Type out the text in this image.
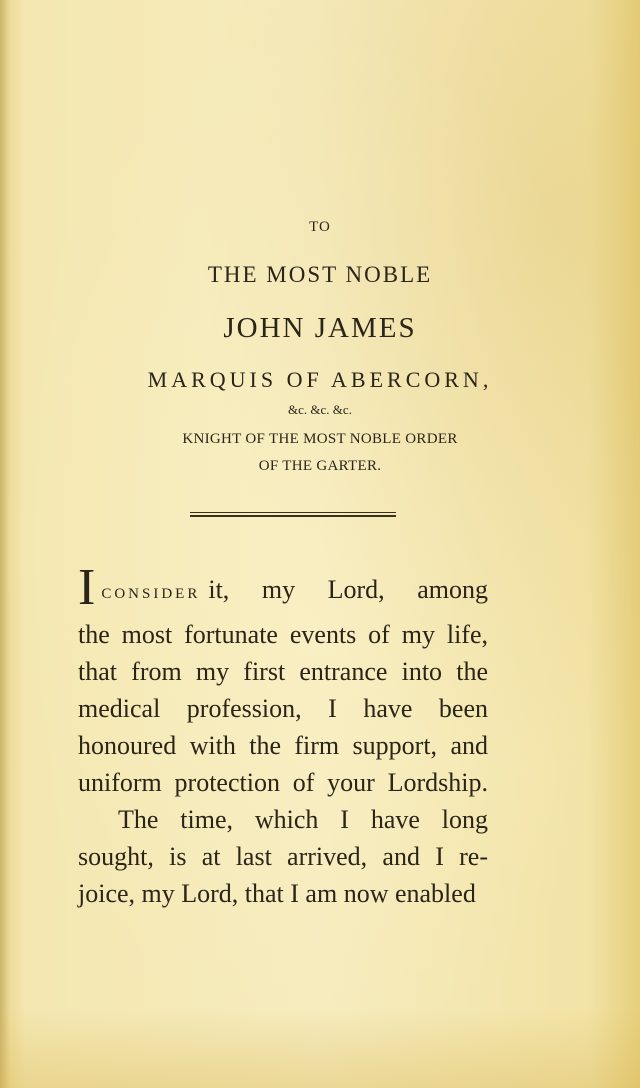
TO
THE MOST NOBLE
JOHN JAMES
MARQUIS OF ABERCORN,
&c. &c. &c.
KNIGHT OF THE MOST NOBLE ORDER
OF THE GARTER.
ICONSIDER it, my Lord, among
the most fortunate events of my life,
that from my first entrance into the
medical profession, I have been
honoured with the firm support, and
uniform protection of your Lordship.
The time, which I have long
sought, is at last arrived, and I re-
joice, my Lord, that I am now enabled
